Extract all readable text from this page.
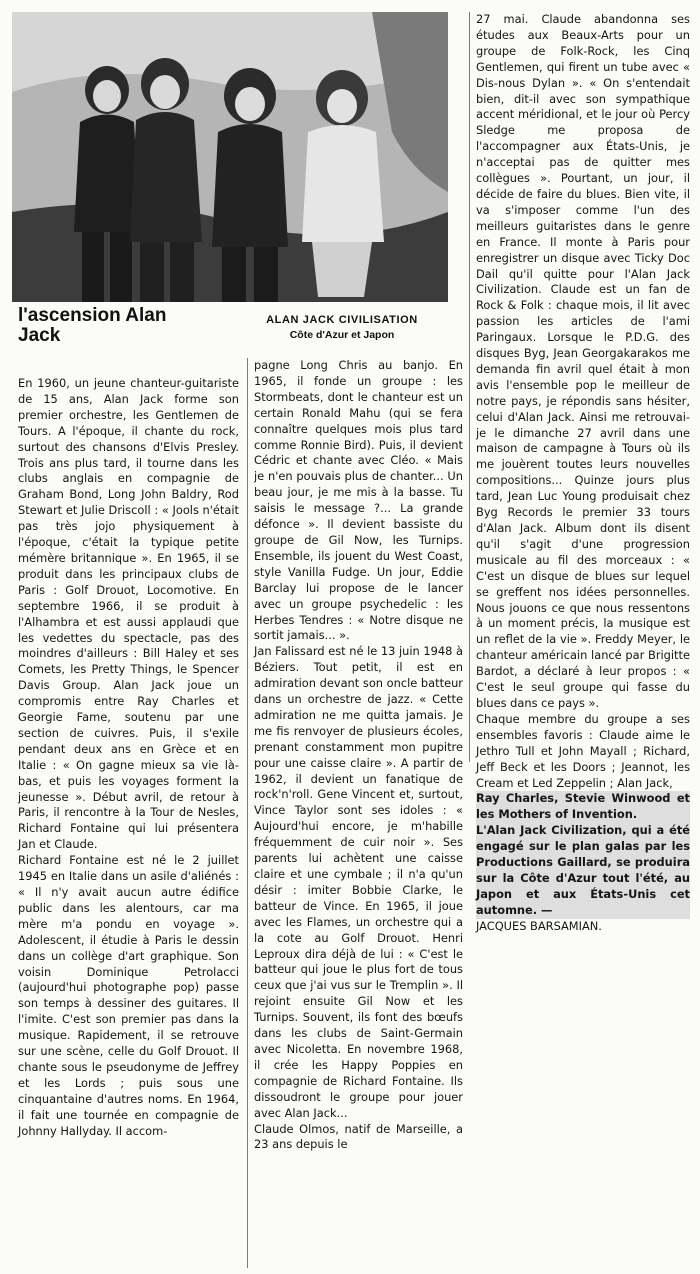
l'ascension Alan Jack
ALAN JACK CIVILISATION
Côte d'Azur et Japon

En 1960, un jeune chanteur-guitariste de 15 ans, Alan Jack forme son premier orchestre, les Gentlemen de Tours. A l'époque, il chante du rock, surtout des chansons d'Elvis Presley. Trois ans plus tard, il tourne dans les clubs anglais en compagnie de Graham Bond, Long John Baldry, Rod Stewart et Julie Driscoll : « Jools n'était pas très jojo physiquement à l'époque, c'était la typique petite mémère britannique ». En 1965, il se produit dans les principaux clubs de Paris : Golf Drouot, Locomotive. En septembre 1966, il se produit à l'Alhambra et est aussi applaudi que les vedettes du spectacle, pas des moindres d'ailleurs : Bill Haley et ses Comets, les Pretty Things, le Spencer Davis Group. Alan Jack joue un compromis entre Ray Charles et Georgie Fame, soutenu par une section de cuivres. Puis, il s'exile pendant deux ans en Grèce et en Italie : « On gagne mieux sa vie là-bas, et puis les voyages forment la jeunesse ». Début avril, de retour à Paris, il rencontre à la Tour de Nesles, Richard Fontaine qui lui présentera Jan et Claude.
Richard Fontaine est né le 2 juillet 1945 en Italie dans un asile d'aliénés : « Il n'y avait aucun autre édifice public dans les alentours, car ma mère m'a pondu en voyage ». Adolescent, il étudie à Paris le dessin dans un collège d'art graphique. Son voisin Dominique Petrolacci (aujourd'hui photographe pop) passe son temps à dessiner des guitares. Il l'imite. C'est son premier pas dans la musique. Rapidement, il se retrouve sur une scène, celle du Golf Drouot. Il chante sous le pseudonyme de Jeffrey et les Lords ; puis sous une cinquantaine d'autres noms. En 1964, il fait une tournée en compagnie de Johnny Hallyday. Il accom-

pagne Long Chris au banjo. En 1965, il fonde un groupe : les Stormbeats, dont le chanteur est un certain Ronald Mahu (qui se fera connaître quelques mois plus tard comme Ronnie Bird). Puis, il devient Cédric et chante avec Cléo. « Mais je n'en pouvais plus de chanter... Un beau jour, je me mis à la basse. Tu saisis le message ?... La grande défonce ». Il devient bassiste du groupe de Gil Now, les Turnips. Ensemble, ils jouent du West Coast, style Vanilla Fudge. Un jour, Eddie Barclay lui propose de le lancer avec un groupe psychedelic : les Herbes Tendres : « Notre disque ne sortit jamais... ».
Jan Falissard est né le 13 juin 1948 à Béziers. Tout petit, il est en admiration devant son oncle batteur dans un orchestre de jazz. « Cette admiration ne me quitta jamais. Je me fis renvoyer de plusieurs écoles, prenant constamment mon pupitre pour une caisse claire ». A partir de 1962, il devient un fanatique de rock'n'roll. Gene Vincent et, surtout, Vince Taylor sont ses idoles : « Aujourd'hui encore, je m'habille fréquemment de cuir noir ». Ses parents lui achètent une caisse claire et une cymbale ; il n'a qu'un désir : imiter Bobbie Clarke, le batteur de Vince. En 1965, il joue avec les Flames, un orchestre qui a la cote au Golf Drouot. Henri Leproux dira déjà de lui : « C'est le batteur qui joue le plus fort de tous ceux que j'ai vus sur le Tremplin ». Il rejoint ensuite Gil Now et les Turnips. Souvent, ils font des bœufs dans les clubs de Saint-Germain avec Nicoletta. En novembre 1968, il crée les Happy Poppies en compagnie de Richard Fontaine. Ils dissoudront le groupe pour jouer avec Alan Jack...
Claude Olmos, natif de Marseille, a 23 ans depuis le

27 mai. Claude abandonna ses études aux Beaux-Arts pour un groupe de Folk-Rock, les Cinq Gentlemen, qui firent un tube avec « Dis-nous Dylan ». « On s'entendait bien, dit-il avec son sympathique accent méridional, et le jour où Percy Sledge me proposa de l'accompagner aux États-Unis, je n'acceptai pas de quitter mes collègues ». Pourtant, un jour, il décide de faire du blues. Bien vite, il va s'imposer comme l'un des meilleurs guitaristes dans le genre en France. Il monte à Paris pour enregistrer un disque avec Ticky Doc Dail qu'il quitte pour l'Alan Jack Civilization. Claude est un fan de Rock & Folk : chaque mois, il lit avec passion les articles de l'ami Paringaux. Lorsque le P.D.G. des disques Byg, Jean Georgakarakos me demanda fin avril quel était à mon avis l'ensemble pop le meilleur de notre pays, je répondis sans hésiter, celui d'Alan Jack. Ainsi me retrouvai-je le dimanche 27 avril dans une maison de campagne à Tours où ils me jouèrent toutes leurs nouvelles compositions... Quinze jours plus tard, Jean Luc Young produisait chez Byg Records le premier 33 tours d'Alan Jack. Album dont ils disent qu'il s'agit d'une progression musicale au fil des morceaux : « C'est un disque de blues sur lequel se greffent nos idées personnelles. Nous jouons ce que nous ressentons à un moment précis, la musique est un reflet de la vie ». Freddy Meyer, le chanteur américain lancé par Brigitte Bardot, a déclaré à leur propos : « C'est le seul groupe qui fasse du blues dans ce pays ».
Chaque membre du groupe a ses ensembles favoris : Claude aime le Jethro Tull et John Mayall ; Richard, Jeff Beck et les Doors ; Jeannot, les Cream et Led Zeppelin ; Alan Jack,

Ray Charles, Stevie Winwood et les Mothers of Invention.
L'Alan Jack Civilization, qui a été engagé sur le plan galas par les Productions Gaillard, se produira sur la Côte d'Azur tout l'été, au Japon et aux États-Unis cet automne. —

JACQUES BARSAMIAN.
